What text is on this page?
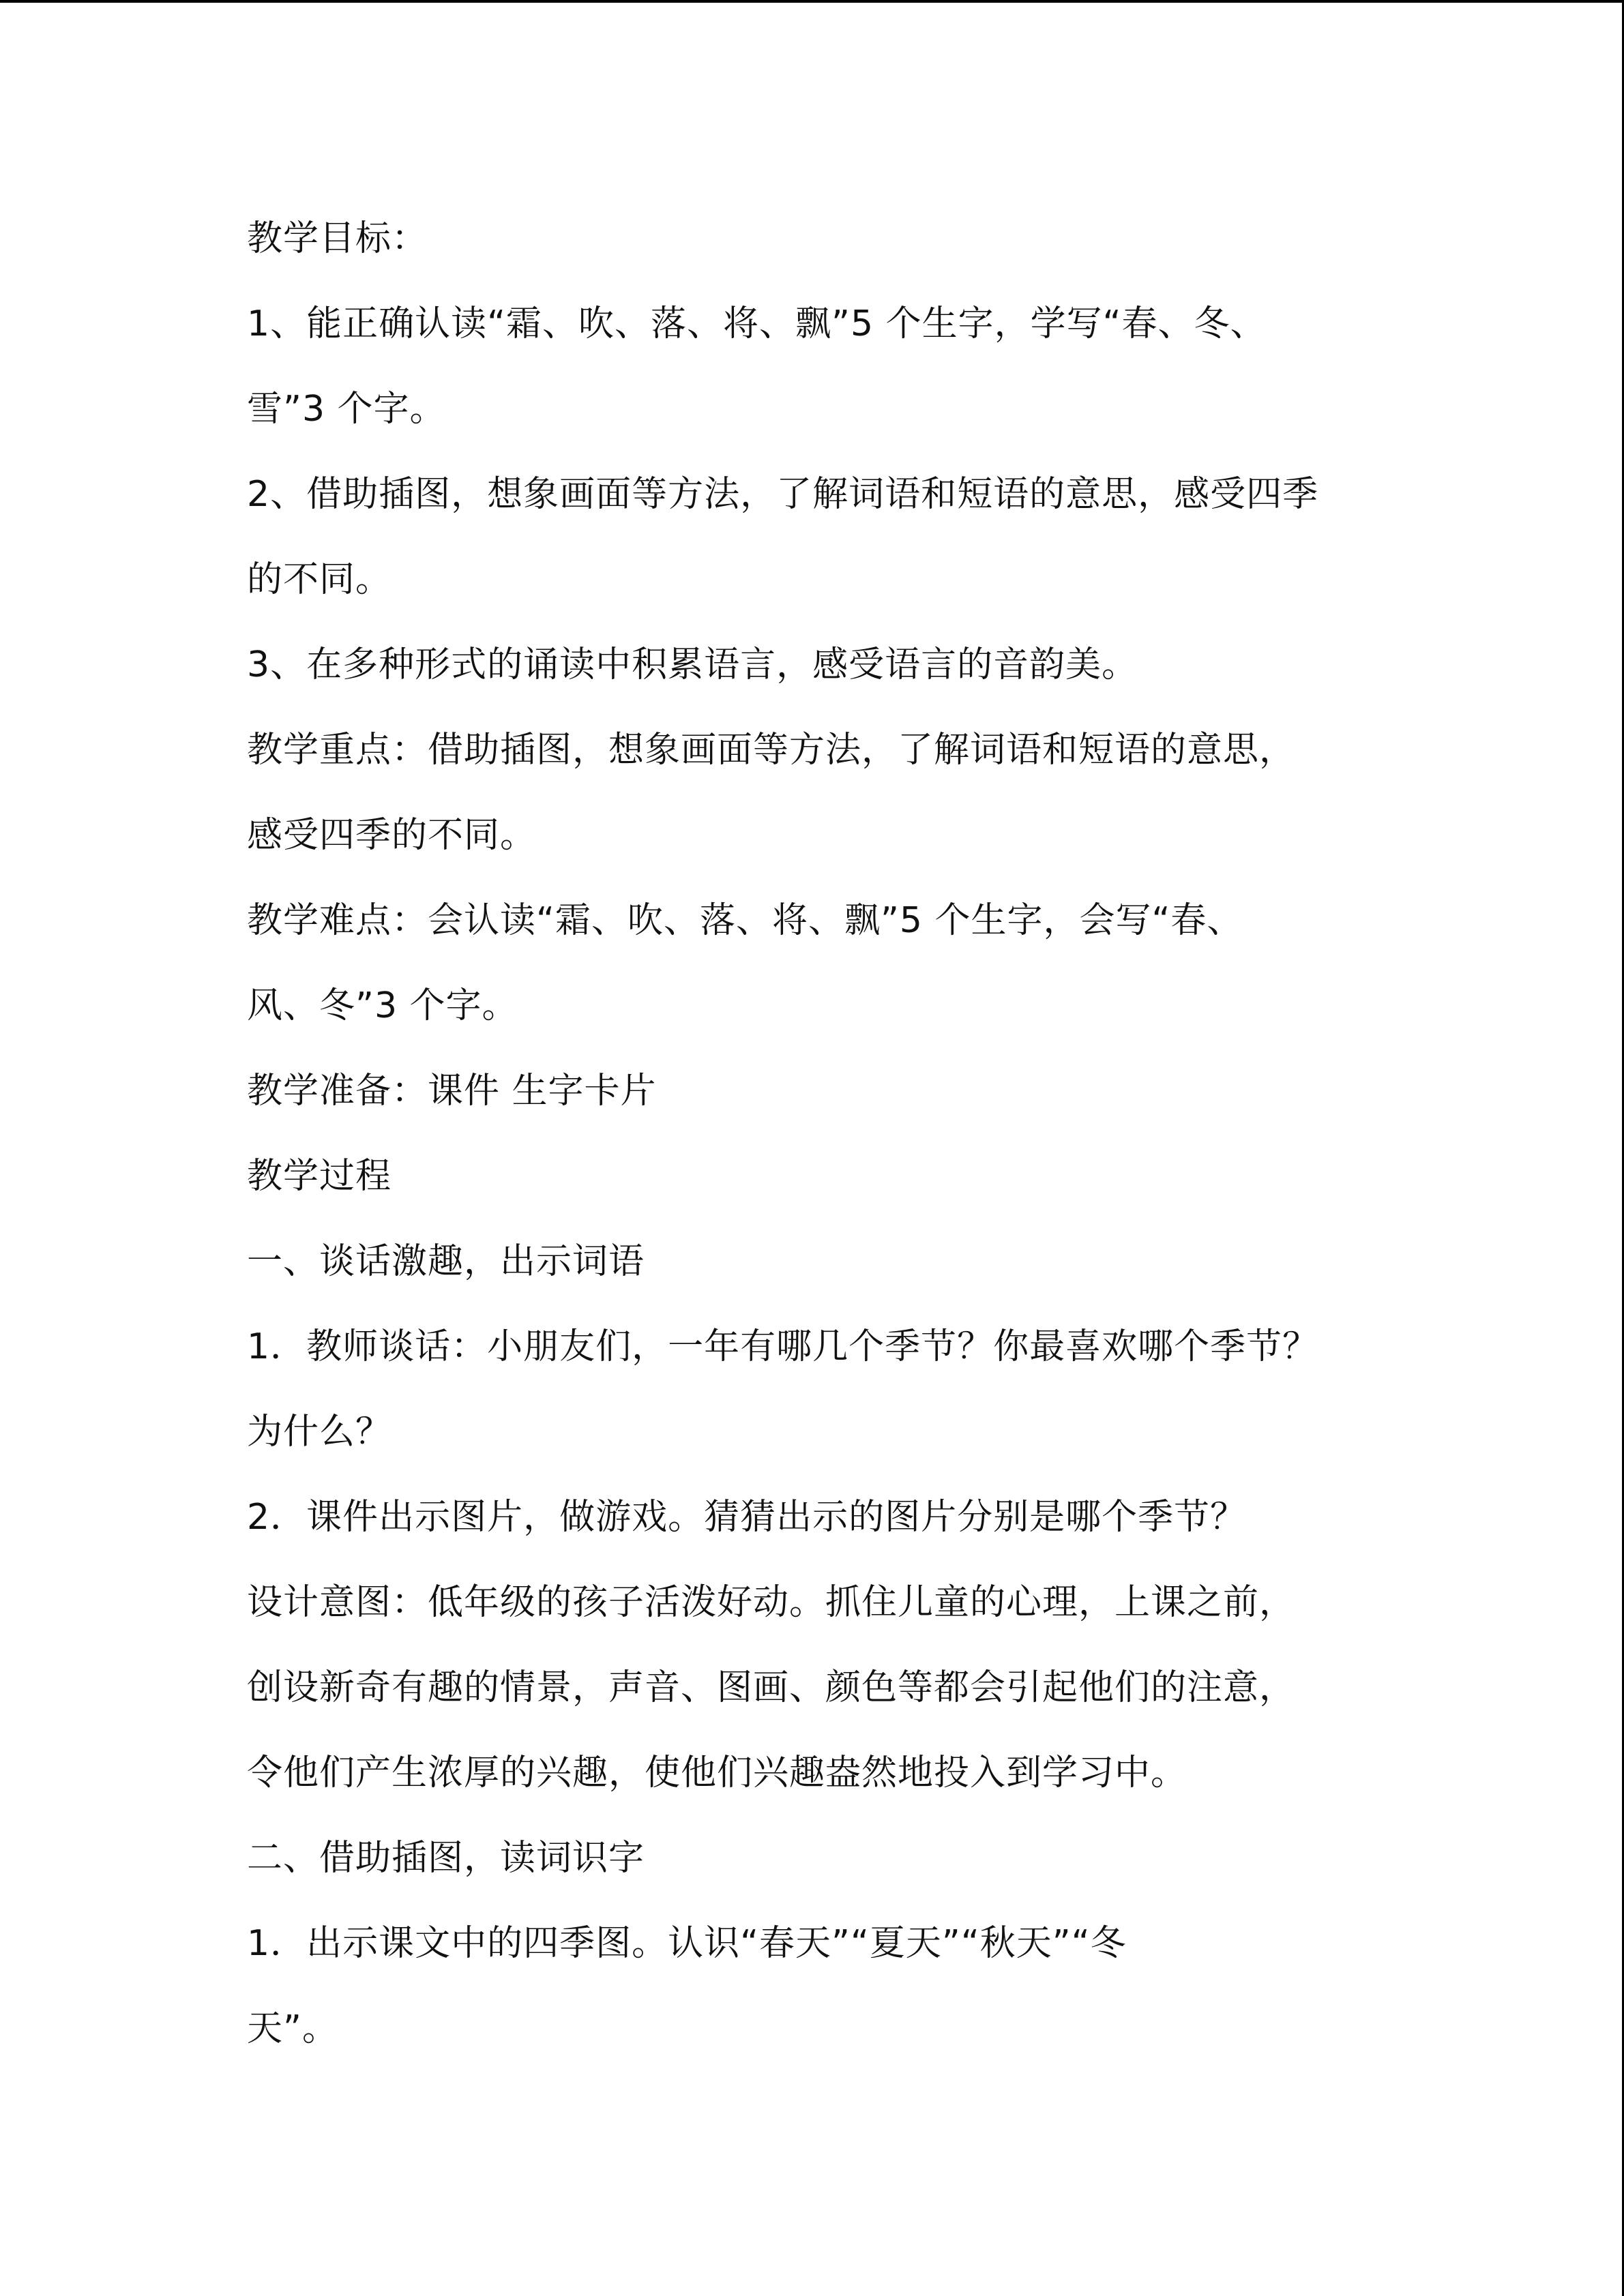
教学目标：
1、能正确认读“霜、吹、落、将、飘”5 个生字，学写“春、冬、
雪”3 个字。
2、借助插图，想象画面等方法，了解词语和短语的意思，感受四季
的不同。
3、在多种形式的诵读中积累语言，感受语言的音韵美。
教学重点：借助插图，想象画面等方法，了解词语和短语的意思，
感受四季的不同。
教学难点：会认读“霜、吹、落、将、飘”5 个生字，会写“春、
风、冬”3 个字。
教学准备：课件 生字卡片
教学过程
一、谈话激趣，出示词语
1．教师谈话：小朋友们，一年有哪几个季节？你最喜欢哪个季节？
为什么？
2．课件出示图片，做游戏。猜猜出示的图片分别是哪个季节？
设计意图：低年级的孩子活泼好动。抓住儿童的心理，上课之前，
创设新奇有趣的情景，声音、图画、颜色等都会引起他们的注意，
令他们产生浓厚的兴趣，使他们兴趣盎然地投入到学习中。
二、借助插图，读词识字
1．出示课文中的四季图。认识“春天”“夏天”“秋天”“冬
天”。
